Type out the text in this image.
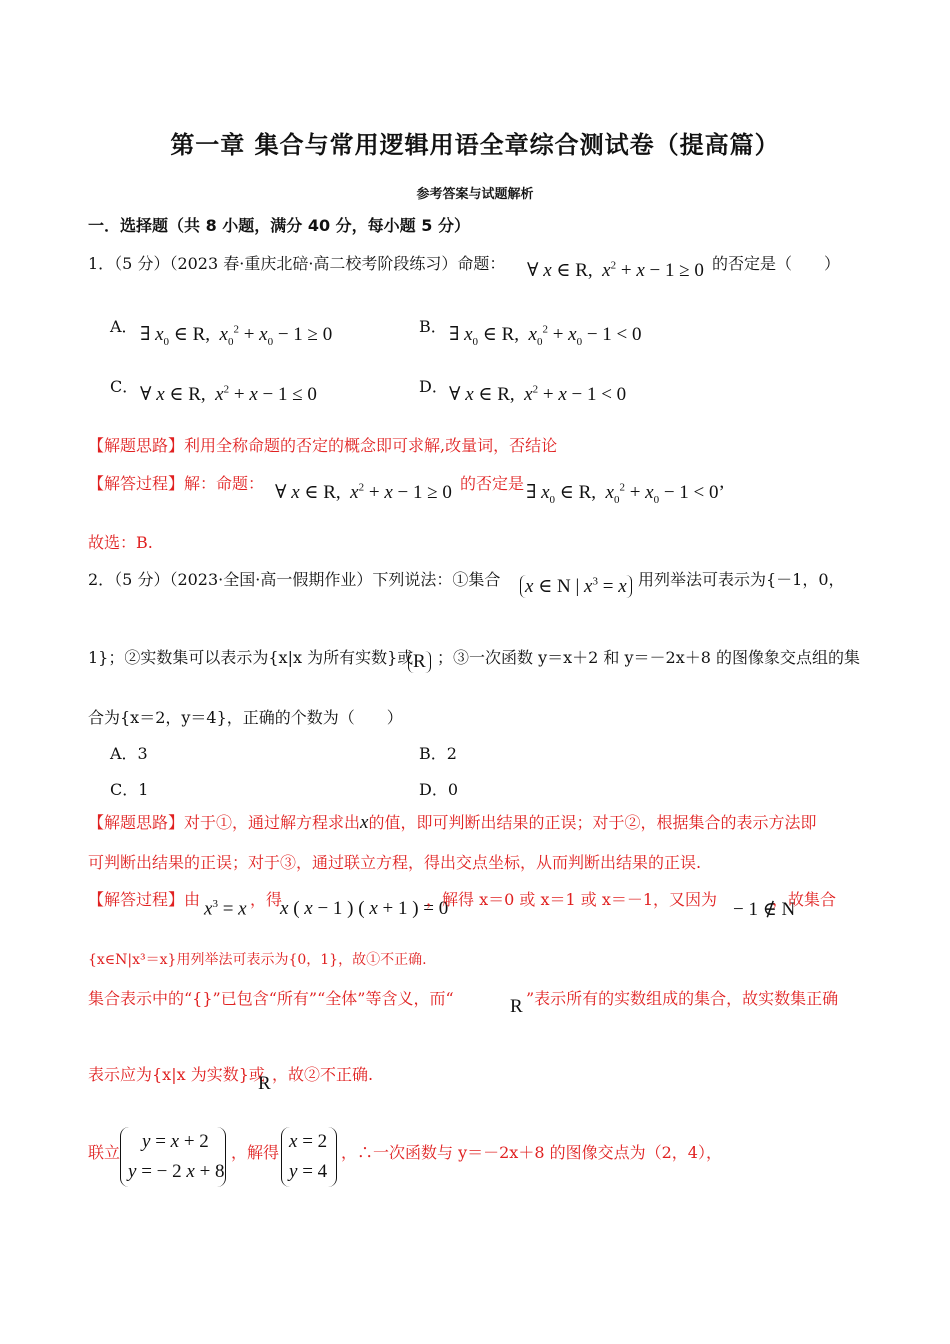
第一章 集合与常用逻辑用语全章综合测试卷（提高篇）
参考答案与试题解析
一．选择题（共 8 小题，满分 40 分，每小题 5 分）
1．（5 分）（2023 春·重庆北碚·高二校考阶段练习）命题： ∀ x ∈ R,  $x^2 + x - 1 \ge 0$ 的否定是（　　）
A． ∃ $x_0$ ∈ R,  $x_0^2 + x_0 - 1 \ge 0$	B． ∃ $x_0$ ∈ R,  $x_0^2 + x_0 - 1 < 0$
C． ∀ x ∈ R,  $x^2 + x - 1 \le 0$	D． ∀ x ∈ R,  $x^2 + x - 1 < 0$
【解题思路】利用全称命题的否定的概念即可求解,改量词，否结论
【解答过程】解：命题： ∀ x ∈ R,  $x^2 + x - 1 \ge 0$ 的否定是 ∃ $x_0$ ∈ R,  $x_0^2 + x_0 - 1 < 0$’
故选：B.
2．（5 分）（2023·全国·高一假期作业）下列说法：①集合 x ∈ N | $x^3 = x$ 用列举法可表示为{－1，0，
1}；②实数集可以表示为{x|x 为所有实数}或 R ；③一次函数 y＝x＋2 和 y＝－2x＋8 的图像象交点组的集
合为{x＝2，y＝4}，正确的个数为（　　）
A．3	B．2
C．1	D．0
【解题思路】对于①，通过解方程求出x的值，即可判断出结果的正误；对于②，根据集合的表示方法即
可判断出结果的正误；对于③，通过联立方程，得出交点坐标，从而判断出结果的正误.
【解答过程】由 $x^3 = x$ ，得
x ( x − 1 ) ( x + 1 ) = 0
，解得 x＝0 或 x＝1 或 x＝－1，又因为 − 1 ∉ N
，故集合
{x∈N|x³＝x}用列举法可表示为{0，1}，故①不正确.
集合表示中的“{}”已包含“所有”“全体”等含义，而“	R ”表示所有的实数组成的集合，故实数集正确
表示应为{x|x 为实数}或
R ，故②不正确.
联立
y = x + 2
y = − 2 x + 8
，解得
x = 2
y = 4
，∴一次函数与 y＝－2x＋8 的图像交点为（2，4），
